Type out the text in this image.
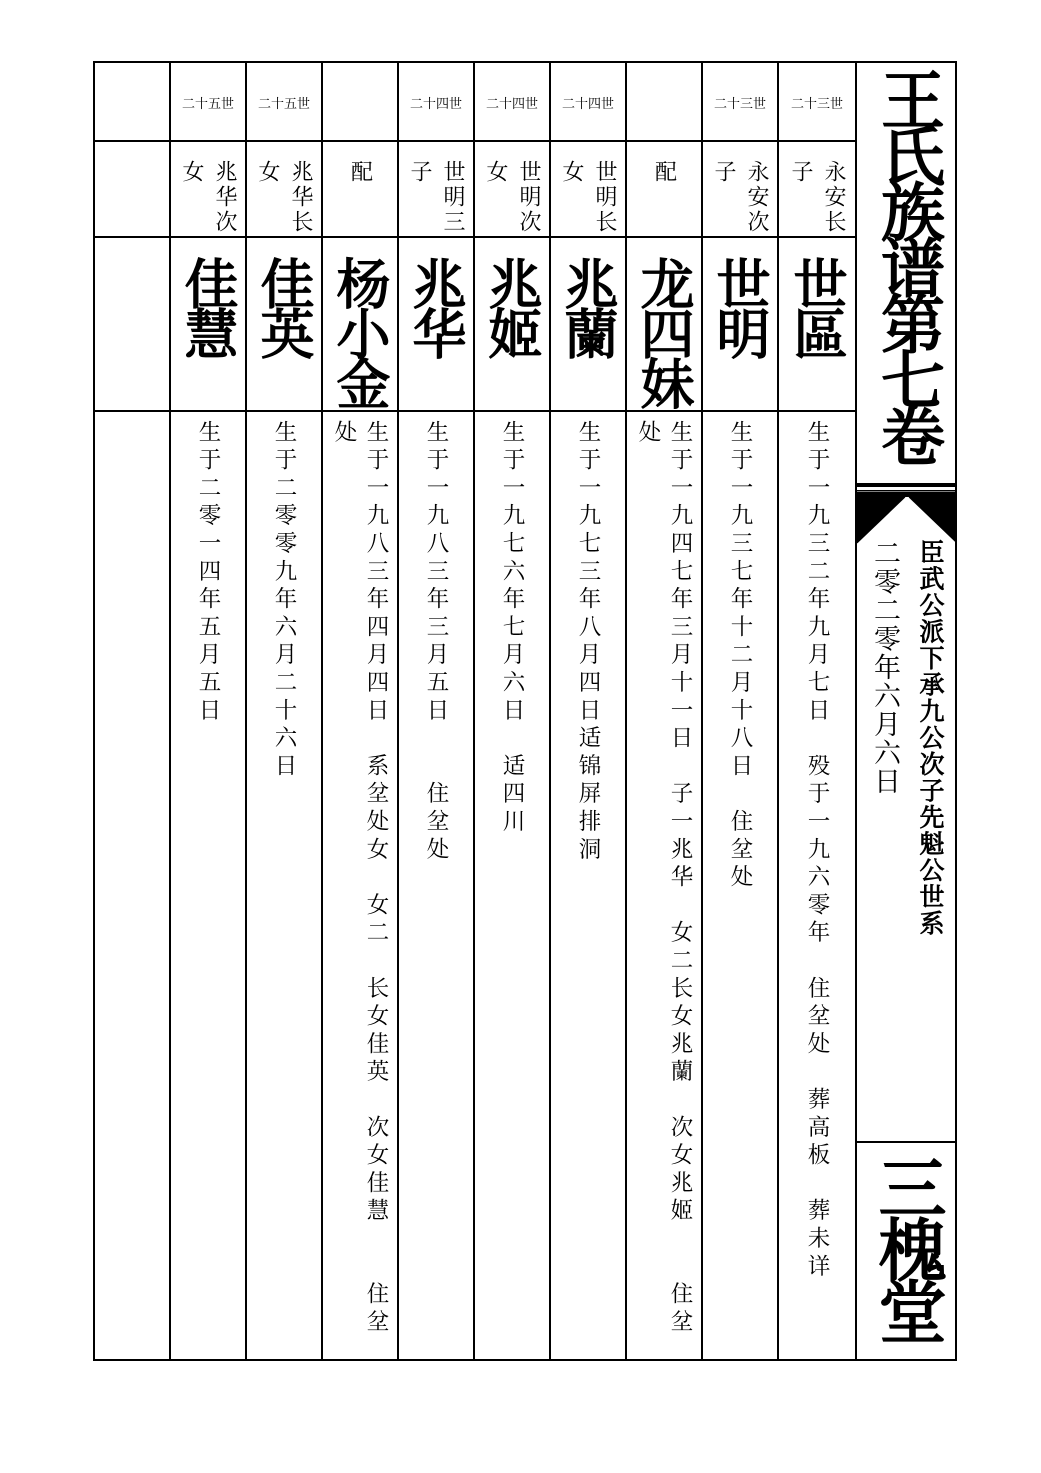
二十三世
永安长子
世區
生于一九三二年九月七日　殁于一九六零年　住坌处　葬高板　葬未详
二十三世
永安次子
世明
生于一九三七年十二月十八日　住坌处
配
龙四妹
生于一九四七年三月十一日　子一兆华　女二长女兆蘭　次女兆姬　　住坌处
二十四世
世明长女
兆蘭
生于一九七三年八月四日适锦屏排洞
二十四世
世明次女
兆姬
生于一九七六年七月六日　适四川
二十四世
世明三子
兆华
生于一九八三年三月五日　　住坌处
配
杨小金
生于一九八三年四月四日　系坌处女　女二　长女佳英　次女佳慧　　住坌处
二十五世
兆华长女
佳英
生于二零零九年六月二十六日
二十五世
兆华次女
佳慧
生于二零一四年五月五日
王氏族谱第七卷
臣武公派下承九公次子先魁公世系
二零二零年六月六日
三槐堂
